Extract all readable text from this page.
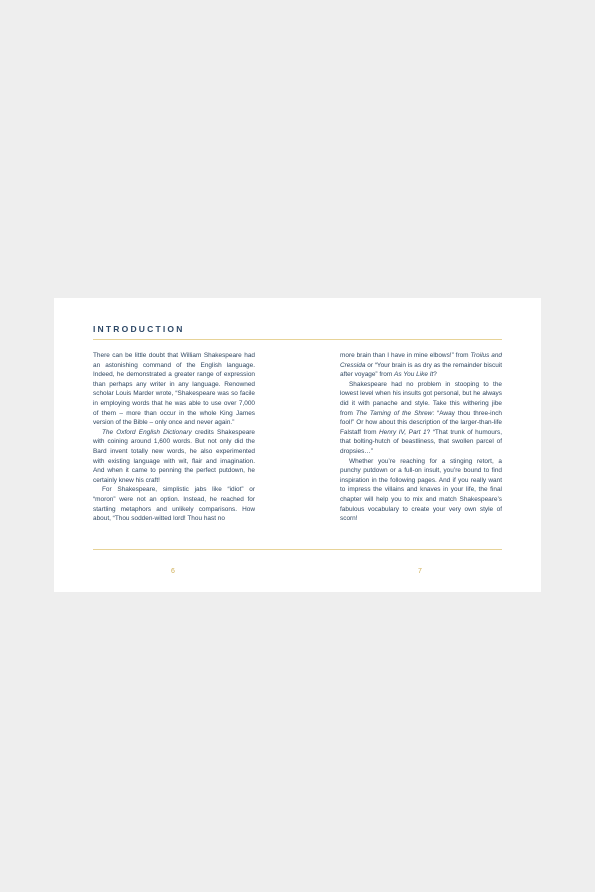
INTRODUCTION

There can be little doubt that William Shakespeare had an astonishing command of the English language. Indeed, he demonstrated a greater range of expression than perhaps any writer in any language. Renowned scholar Louis Marder wrote, “Shakespeare was so facile in employing words that he was able to use over 7,000 of them – more than occur in the whole King James version of the Bible – only once and never again.”

The Oxford English Dictionary credits Shakespeare with coining around 1,600 words. But not only did the Bard invent totally new words, he also experimented with existing language with wit, flair and imagination. And when it came to penning the perfect putdown, he certainly knew his craft!

For Shakespeare, simplistic jabs like “idiot” or “moron” were not an option. Instead, he reached for startling metaphors and unlikely comparisons. How about, “Thou sodden-witted lord! Thou hast no

more brain than I have in mine elbows!” from Troilus and Cressida or “Your brain is as dry as the remainder biscuit after voyage” from As You Like It?

Shakespeare had no problem in stooping to the lowest level when his insults got personal, but he always did it with panache and style. Take this withering jibe from The Taming of the Shrew: “Away thou three-inch fool!” Or how about this description of the larger-than-life Falstaff from Henry IV, Part 1? “That trunk of humours, that bolting-hutch of beastliness, that swollen parcel of dropsies…”

Whether you’re reaching for a stinging retort, a punchy putdown or a full-on insult, you’re bound to find inspiration in the following pages. And if you really want to impress the villains and knaves in your life, the final chapter will help you to mix and match Shakespeare’s fabulous vocabulary to create your very own style of scorn!

6	7
